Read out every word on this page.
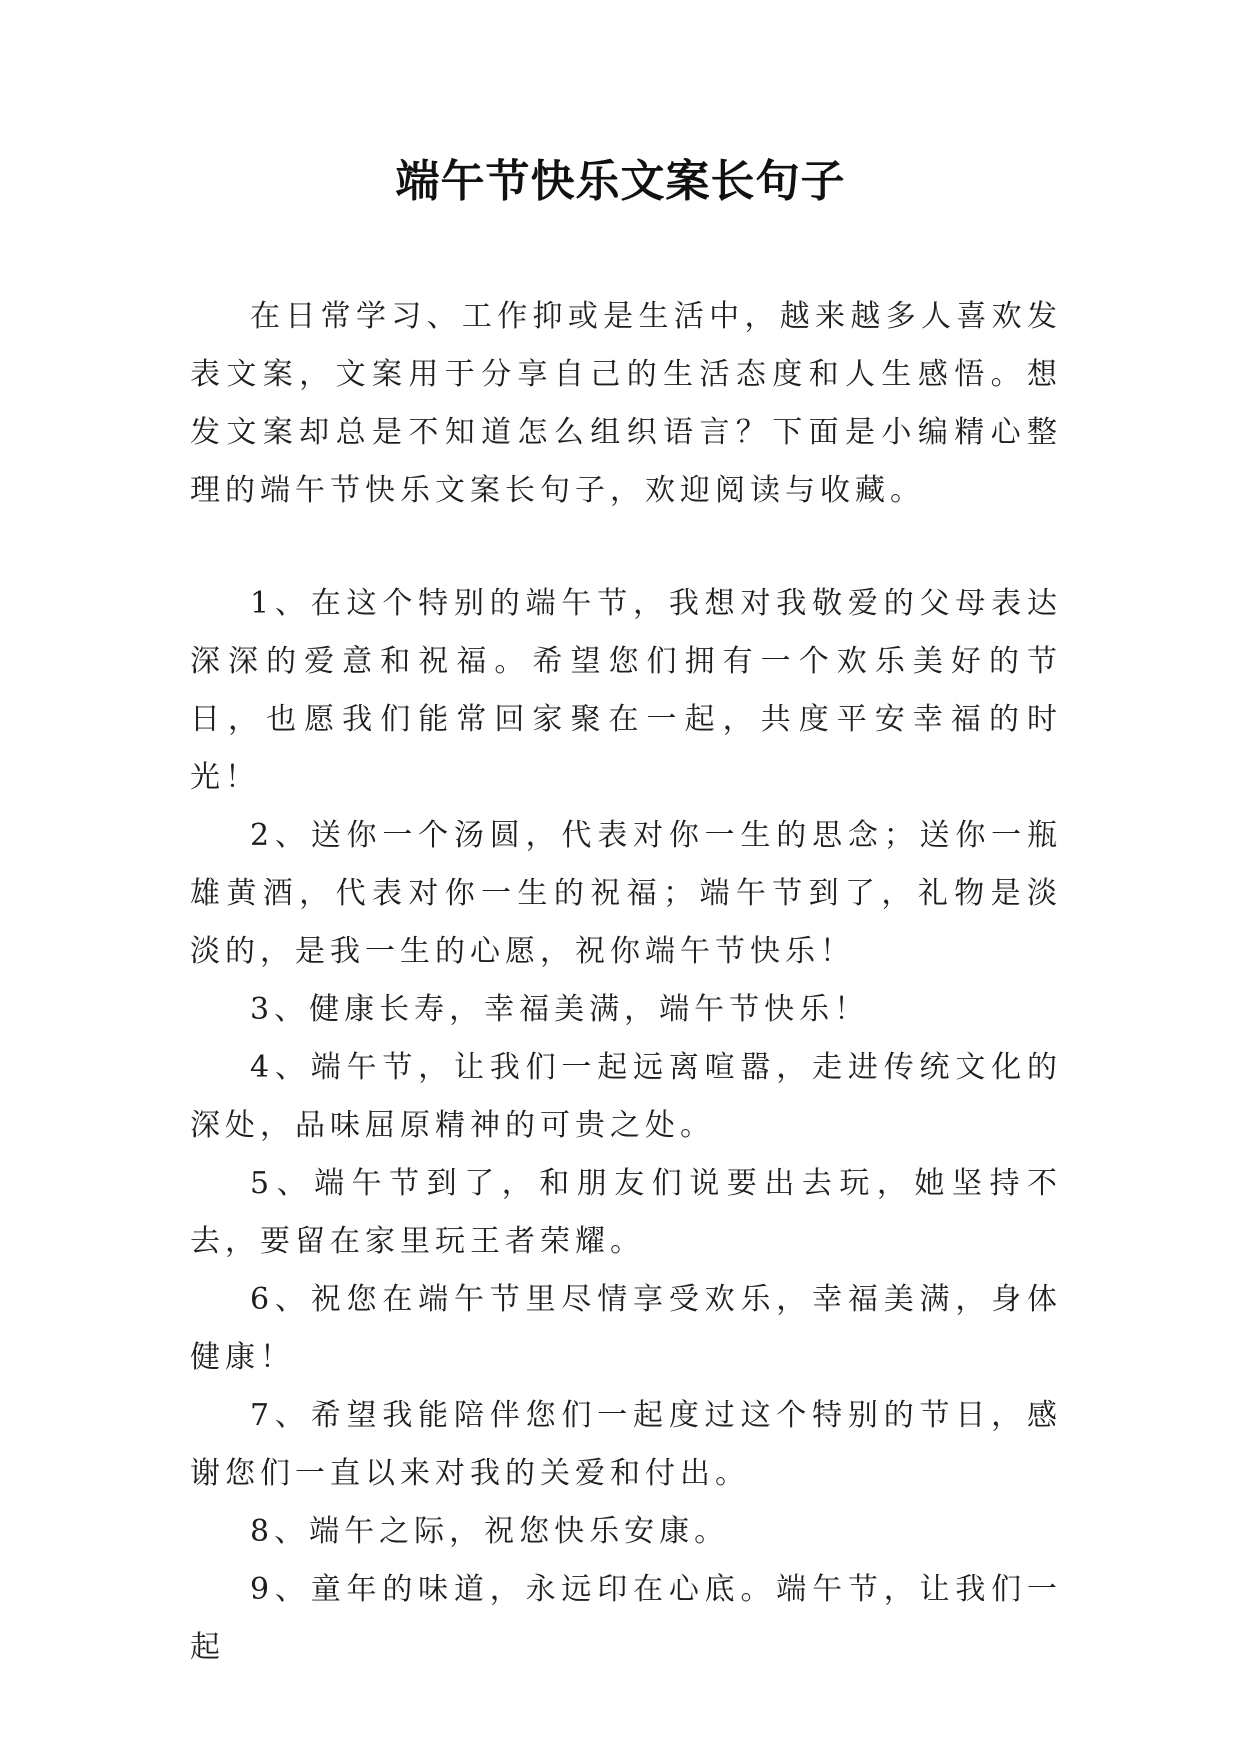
端午节快乐文案长句子

在日常学习、工作抑或是生活中，越来越多人喜欢发表文案，文案用于分享自己的生活态度和人生感悟。想发文案却总是不知道怎么组织语言？下面是小编精心整理的端午节快乐文案长句子，欢迎阅读与收藏。

1、在这个特别的端午节，我想对我敬爱的父母表达深深的爱意和祝福。希望您们拥有一个欢乐美好的节日，也愿我们能常回家聚在一起，共度平安幸福的时光！

2、送你一个汤圆，代表对你一生的思念；送你一瓶雄黄酒，代表对你一生的祝福；端午节到了，礼物是淡淡的，是我一生的心愿，祝你端午节快乐！

3、健康长寿，幸福美满，端午节快乐！

4、端午节，让我们一起远离喧嚣，走进传统文化的深处，品味屈原精神的可贵之处。

5、端午节到了，和朋友们说要出去玩，她坚持不去，要留在家里玩王者荣耀。

6、祝您在端午节里尽情享受欢乐，幸福美满，身体健康！

7、希望我能陪伴您们一起度过这个特别的节日，感谢您们一直以来对我的关爱和付出。

8、端午之际，祝您快乐安康。

9、童年的味道，永远印在心底。端午节，让我们一起
